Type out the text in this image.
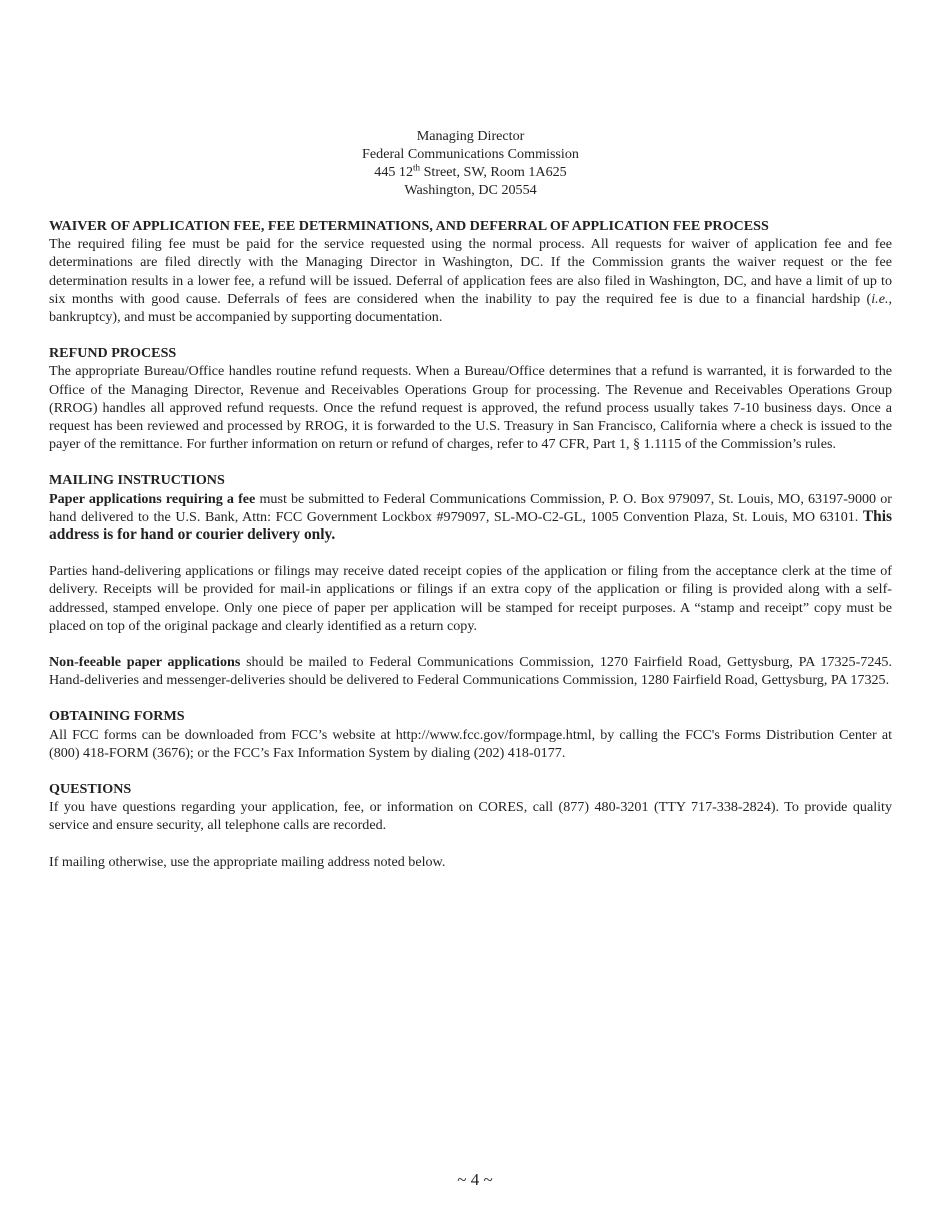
Managing Director
Federal Communications Commission
445 12th Street, SW, Room 1A625
Washington, DC 20554
WAIVER OF APPLICATION FEE, FEE DETERMINATIONS, AND DEFERRAL OF APPLICATION FEE PROCESS

The required filing fee must be paid for the service requested using the normal process. All requests for waiver of application fee and fee determinations are filed directly with the Managing Director in Washington, DC. If the Commission grants the waiver request or the fee determination results in a lower fee, a refund will be issued. Deferral of application fees are also filed in Washington, DC, and have a limit of up to six months with good cause. Deferrals of fees are considered when the inability to pay the required fee is due to a financial hardship (i.e., bankruptcy), and must be accompanied by supporting documentation.

REFUND PROCESS

The appropriate Bureau/Office handles routine refund requests. When a Bureau/Office determines that a refund is warranted, it is forwarded to the Office of the Managing Director, Revenue and Receivables Operations Group for processing. The Revenue and Receivables Operations Group (RROG) handles all approved refund requests. Once the refund request is approved, the refund process usually takes 7-10 business days. Once a request has been reviewed and processed by RROG, it is forwarded to the U.S. Treasury in San Francisco, California where a check is issued to the payer of the remittance. For further information on return or refund of charges, refer to 47 CFR, Part 1, § 1.1115 of the Commission’s rules.

MAILING INSTRUCTIONS

Paper applications requiring a fee must be submitted to Federal Communications Commission, P. O. Box 979097, St. Louis, MO, 63197-9000 or hand delivered to the U.S. Bank, Attn: FCC Government Lockbox #979097, SL-MO-C2-GL, 1005 Convention Plaza, St. Louis, MO 63101. This address is for hand or courier delivery only.

Parties hand-delivering applications or filings may receive dated receipt copies of the application or filing from the acceptance clerk at the time of delivery. Receipts will be provided for mail-in applications or filings if an extra copy of the application or filing is provided along with a self-addressed, stamped envelope. Only one piece of paper per application will be stamped for receipt purposes. A “stamp and receipt” copy must be placed on top of the original package and clearly identified as a return copy.

Non-feeable paper applications should be mailed to Federal Communications Commission, 1270 Fairfield Road, Gettysburg, PA 17325-7245. Hand-deliveries and messenger-deliveries should be delivered to Federal Communications Commission, 1280 Fairfield Road, Gettysburg, PA 17325.

OBTAINING FORMS

All FCC forms can be downloaded from FCC’s website at http://www.fcc.gov/formpage.html, by calling the FCC's Forms Distribution Center at (800) 418-FORM (3676); or the FCC’s Fax Information System by dialing (202) 418-0177.

QUESTIONS

If you have questions regarding your application, fee, or information on CORES, call (877) 480-3201 (TTY 717-338-2824). To provide quality service and ensure security, all telephone calls are recorded.

If mailing otherwise, use the appropriate mailing address noted below.

~ 4 ~
